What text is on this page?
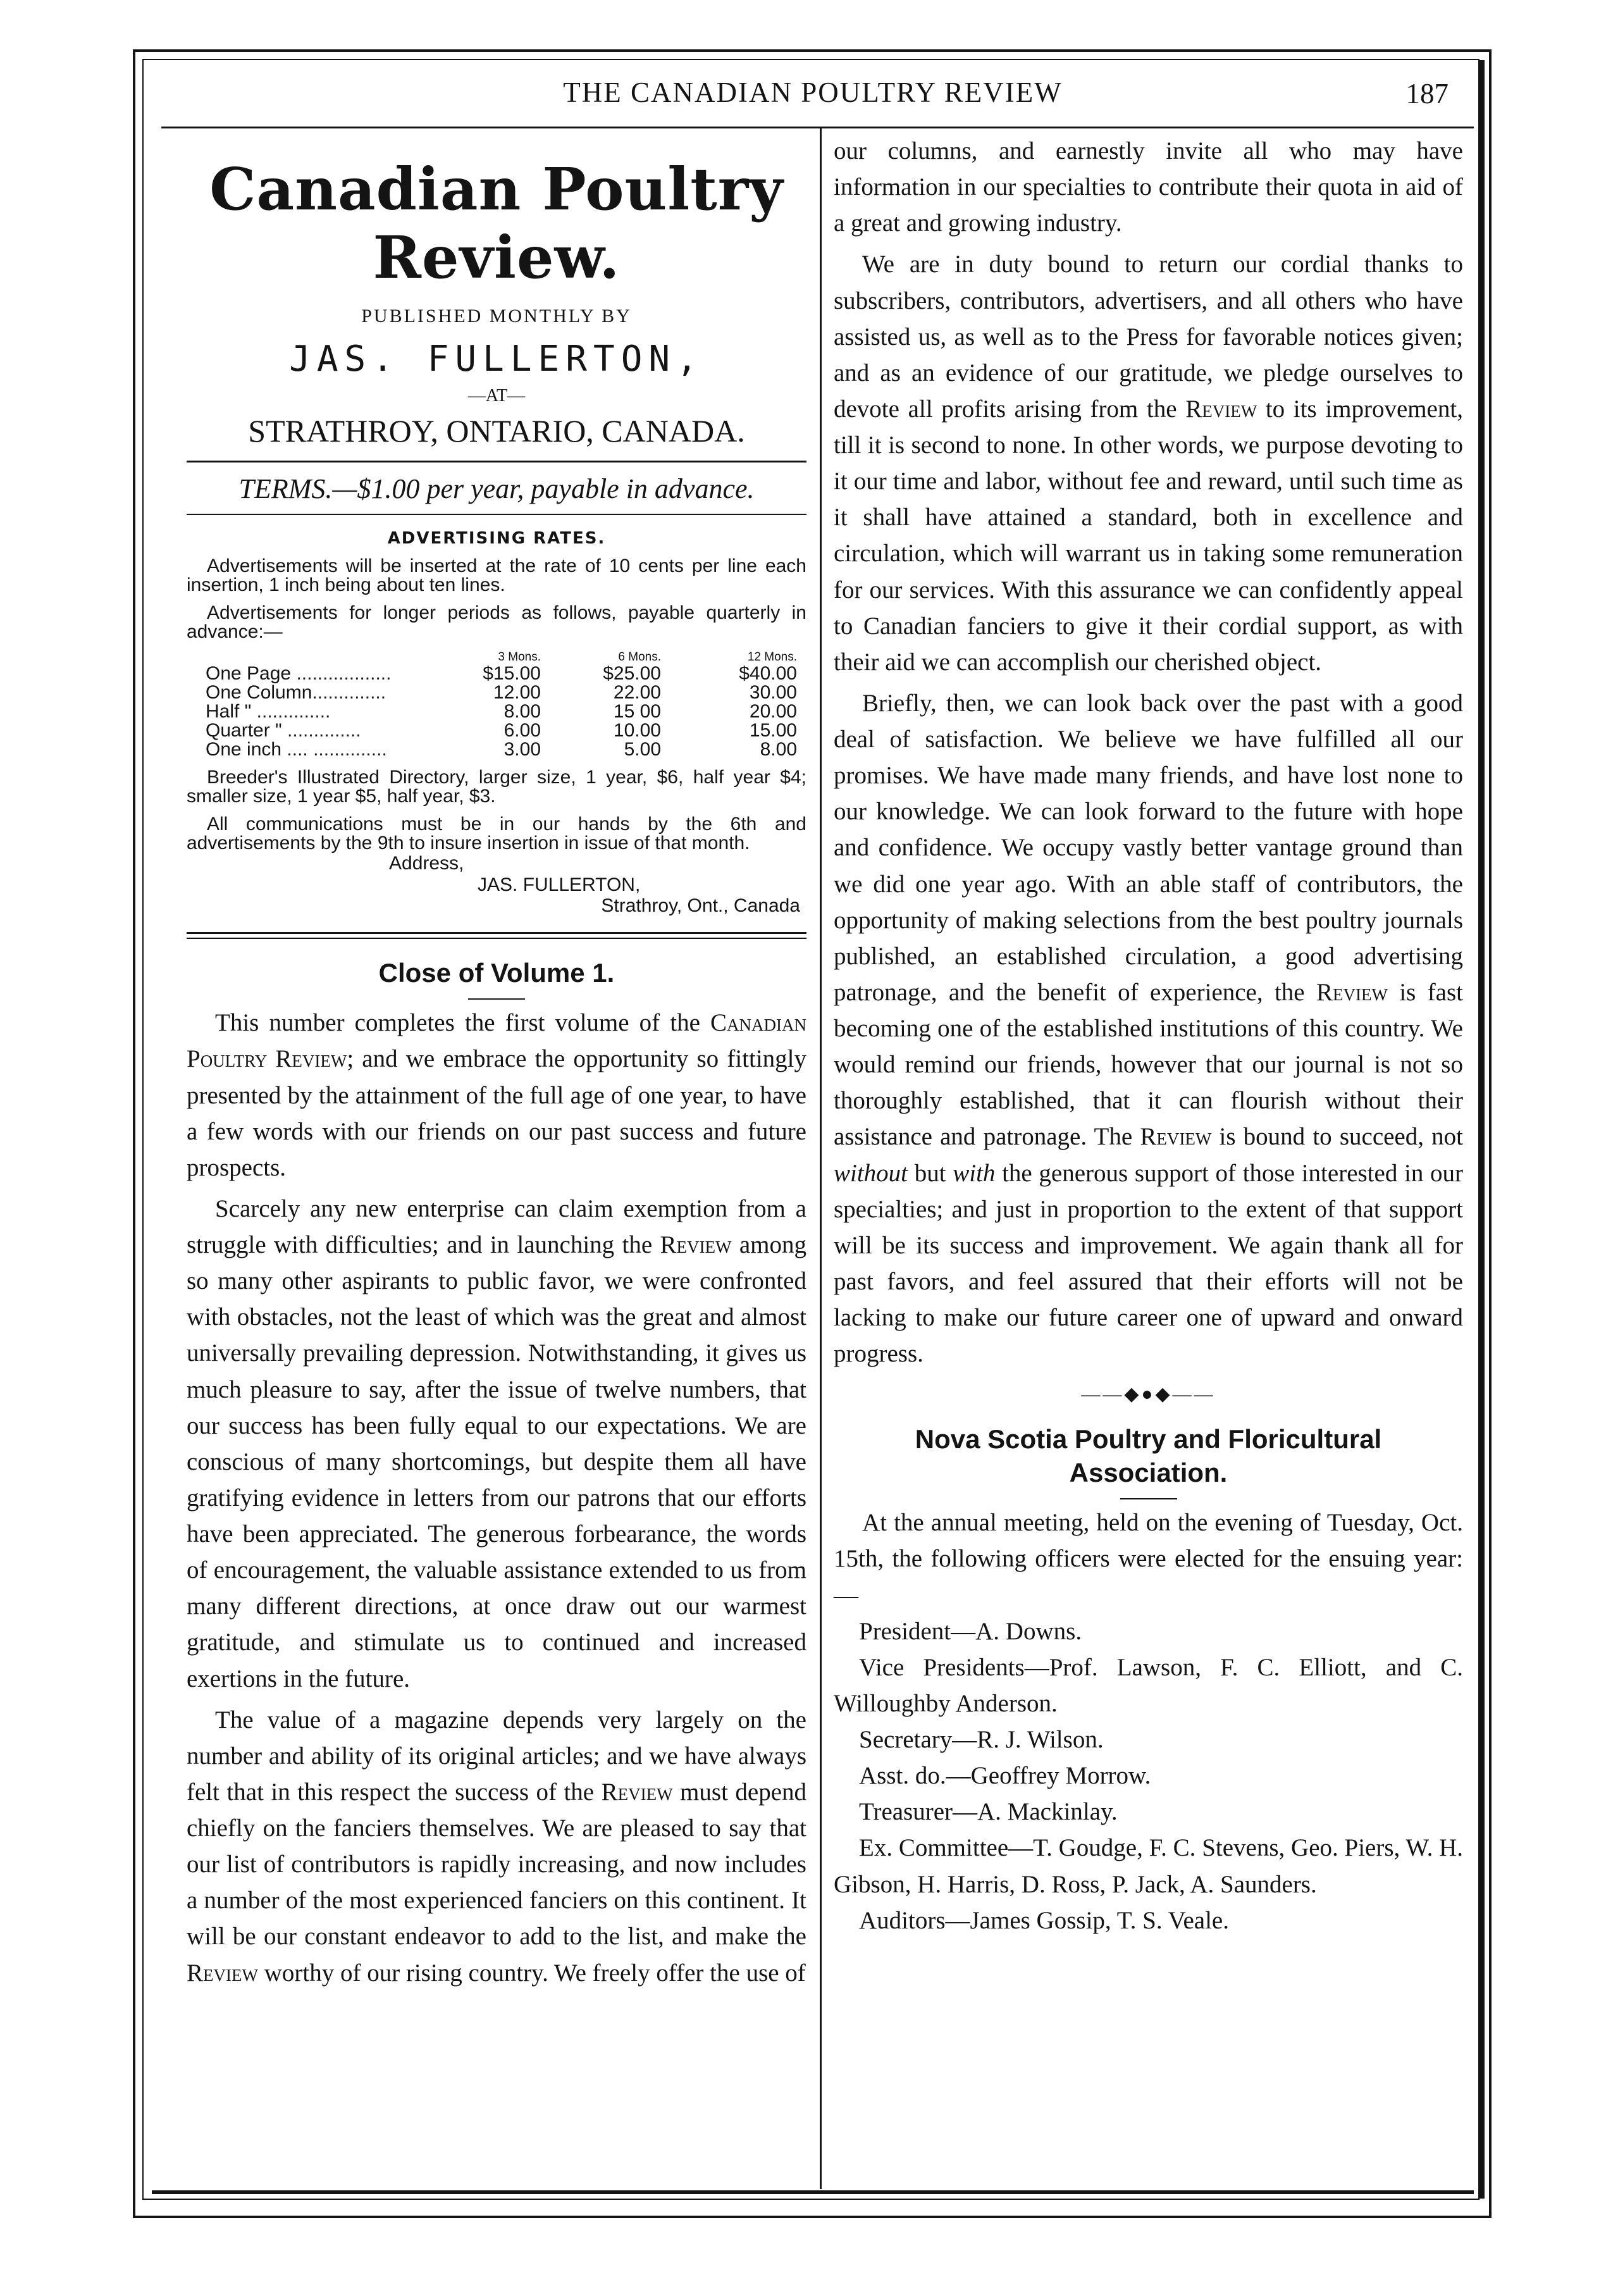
THE CANADIAN POULTRY REVIEW	187
Canadian Poultry Review.
PUBLISHED MONTHLY BY
JAS. FULLERTON,
—AT—
STRATHROY, ONTARIO, CANADA.
TERMS.—$1.00 per year, payable in advance.
ADVERTISING RATES.

Advertisements will be inserted at the rate of 10 cents per line each insertion, 1 inch being about ten lines.

Advertisements for longer periods as follows, payable quarterly in advance:—

3 Mons.	6 Mons.	12 Mons.
One Page ..................	$15.00	$25.00	$40.00
One Column..............	12.00	22.00	30.00
Half " ..............	8.00	15 00	20.00
Quarter " ..............	6.00	10.00	15.00
One inch .... ..............	3.00	5.00	8.00

Breeder's Illustrated Directory, larger size, 1 year, $6, half year $4; smaller size, 1 year $5, half year, $3.

All communications must be in our hands by the 6th and advertisements by the 9th to insure insertion in issue of that month.

Address,
JAS. FULLERTON,
Strathroy, Ont., Canada
Close of Volume 1.

This number completes the first volume of the Canadian Poultry Review; and we embrace the opportunity so fittingly presented by the attainment of the full age of one year, to have a few words with our friends on our past success and future prospects.

Scarcely any new enterprise can claim exemption from a struggle with difficulties; and in launching the Review among so many other aspirants to public favor, we were confronted with obstacles, not the least of which was the great and almost universally prevailing depression. Notwithstanding, it gives us much pleasure to say, after the issue of twelve numbers, that our success has been fully equal to our expectations. We are conscious of many shortcomings, but despite them all have gratifying evidence in letters from our patrons that our efforts have been appreciated. The generous forbearance, the words of encouragement, the valuable assistance extended to us from many different directions, at once draw out our warmest gratitude, and stimulate us to continued and increased exertions in the future.

The value of a magazine depends very largely on the number and ability of its original articles; and we have always felt that in this respect the success of the Review must depend chiefly on the fanciers themselves. We are pleased to say that our list of contributors is rapidly increasing, and now includes a number of the most experienced fanciers on this continent. It will be our constant endeavor to add to the list, and make the Review worthy of our rising country. We freely offer the use of

our columns, and earnestly invite all who may have information in our specialties to contribute their quota in aid of a great and growing industry.

We are in duty bound to return our cordial thanks to subscribers, contributors, advertisers, and all others who have assisted us, as well as to the Press for favorable notices given; and as an evidence of our gratitude, we pledge ourselves to devote all profits arising from the Review to its improvement, till it is second to none. In other words, we purpose devoting to it our time and labor, without fee and reward, until such time as it shall have attained a standard, both in excellence and circulation, which will warrant us in taking some remuneration for our services. With this assurance we can confidently appeal to Canadian fanciers to give it their cordial support, as with their aid we can accomplish our cherished object.

Briefly, then, we can look back over the past with a good deal of satisfaction. We believe we have fulfilled all our promises. We have made many friends, and have lost none to our knowledge. We can look forward to the future with hope and confidence. We occupy vastly better vantage ground than we did one year ago. With an able staff of contributors, the opportunity of making selections from the best poultry journals published, an established circulation, a good advertising patronage, and the benefit of experience, the Review is fast becoming one of the established institutions of this country. We would remind our friends, however that our journal is not so thoroughly established, that it can flourish without their assistance and patronage. The Review is bound to succeed, not without but with the generous support of those interested in our specialties; and just in proportion to the extent of that support will be its success and improvement. We again thank all for past favors, and feel assured that their efforts will not be lacking to make our future career one of upward and onward progress.

——◆●◆——
Nova Scotia Poultry and Floricultural
Association.

At the annual meeting, held on the evening of Tuesday, Oct. 15th, the following officers were elected for the ensuing year:—

President—A. Downs.

Vice Presidents—Prof. Lawson, F. C. Elliott, and C. Willoughby Anderson.

Secretary—R. J. Wilson.

Asst. do.—Geoffrey Morrow.

Treasurer—A. Mackinlay.

Ex. Committee—T. Goudge, F. C. Stevens, Geo. Piers, W. H. Gibson, H. Harris, D. Ross, P. Jack, A. Saunders.

Auditors—James Gossip, T. S. Veale.
